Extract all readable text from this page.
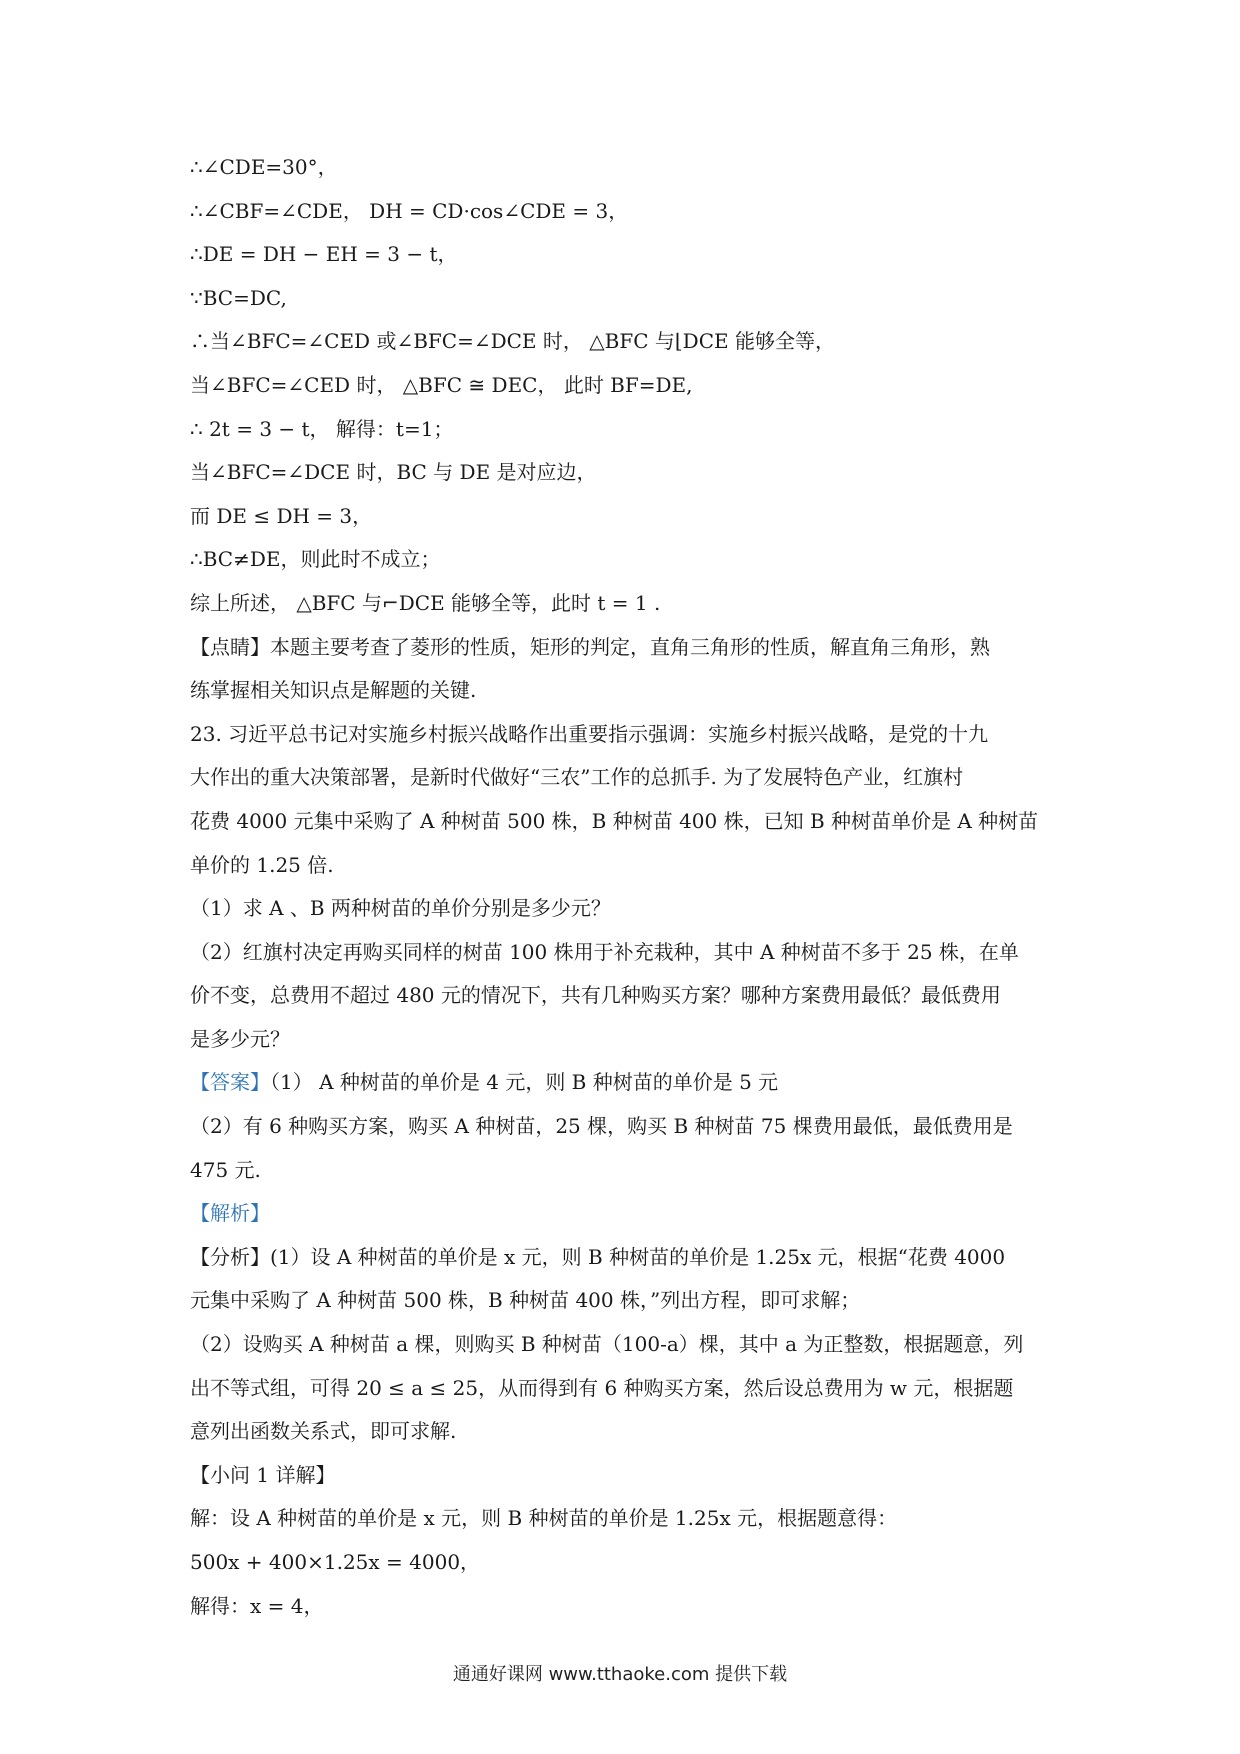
∴∠CDE=30°，
∴∠CBF=∠CDE， DH = CD·cos∠CDE = 3，
∴DE = DH − EH = 3 − t，
∵BC=DC,
∴当∠BFC=∠CED 或∠BFC=∠DCE 时， △BFC 与⌊DCE 能够全等，
当∠BFC=∠CED 时， △BFC ≅ DEC， 此时 BF=DE,
∴ 2t = 3 − t， 解得：t=1；
当∠BFC=∠DCE 时，BC 与 DE 是对应边，
而 DE ≤ DH = 3，
∴BC≠DE，则此时不成立；
综上所述， △BFC 与⌐DCE 能够全等，此时 t = 1 .
【点睛】本题主要考查了菱形的性质，矩形的判定，直角三角形的性质，解直角三角形，熟
练掌握相关知识点是解题的关键.
23. 习近平总书记对实施乡村振兴战略作出重要指示强调：实施乡村振兴战略，是党的十九
大作出的重大决策部署，是新时代做好“三农”工作的总抓手. 为了发展特色产业，红旗村
花费 4000 元集中采购了 A 种树苗 500 株，B 种树苗 400 株，已知 B 种树苗单价是 A 种树苗
单价的 1.25 倍.
（1）求 A 、B 两种树苗的单价分别是多少元？
（2）红旗村决定再购买同样的树苗 100 株用于补充栽种，其中 A 种树苗不多于 25 株，在单
价不变，总费用不超过 480 元的情况下，共有几种购买方案？哪种方案费用最低？最低费用
是多少元？
【答案】（1） A 种树苗的单价是 4 元，则 B 种树苗的单价是 5 元
（2）有 6 种购买方案，购买 A 种树苗，25 棵，购买 B 种树苗 75 棵费用最低，最低费用是
475 元.
【解析】
【分析】(1）设 A 种树苗的单价是 x 元，则 B 种树苗的单价是 1.25x 元，根据“花费 4000
元集中采购了 A 种树苗 500 株，B 种树苗 400 株，”列出方程，即可求解；
（2）设购买 A 种树苗 a 棵，则购买 B 种树苗（100-a）棵，其中 a 为正整数，根据题意，列
出不等式组，可得 20 ≤ a ≤ 25，从而得到有 6 种购买方案，然后设总费用为 w 元，根据题
意列出函数关系式，即可求解.
【小问 1 详解】
解：设 A 种树苗的单价是 x 元，则 B 种树苗的单价是 1.25x 元，根据题意得：
500x + 400×1.25x = 4000，
解得：x = 4，
通通好课网 www.tthaoke.com 提供下载
